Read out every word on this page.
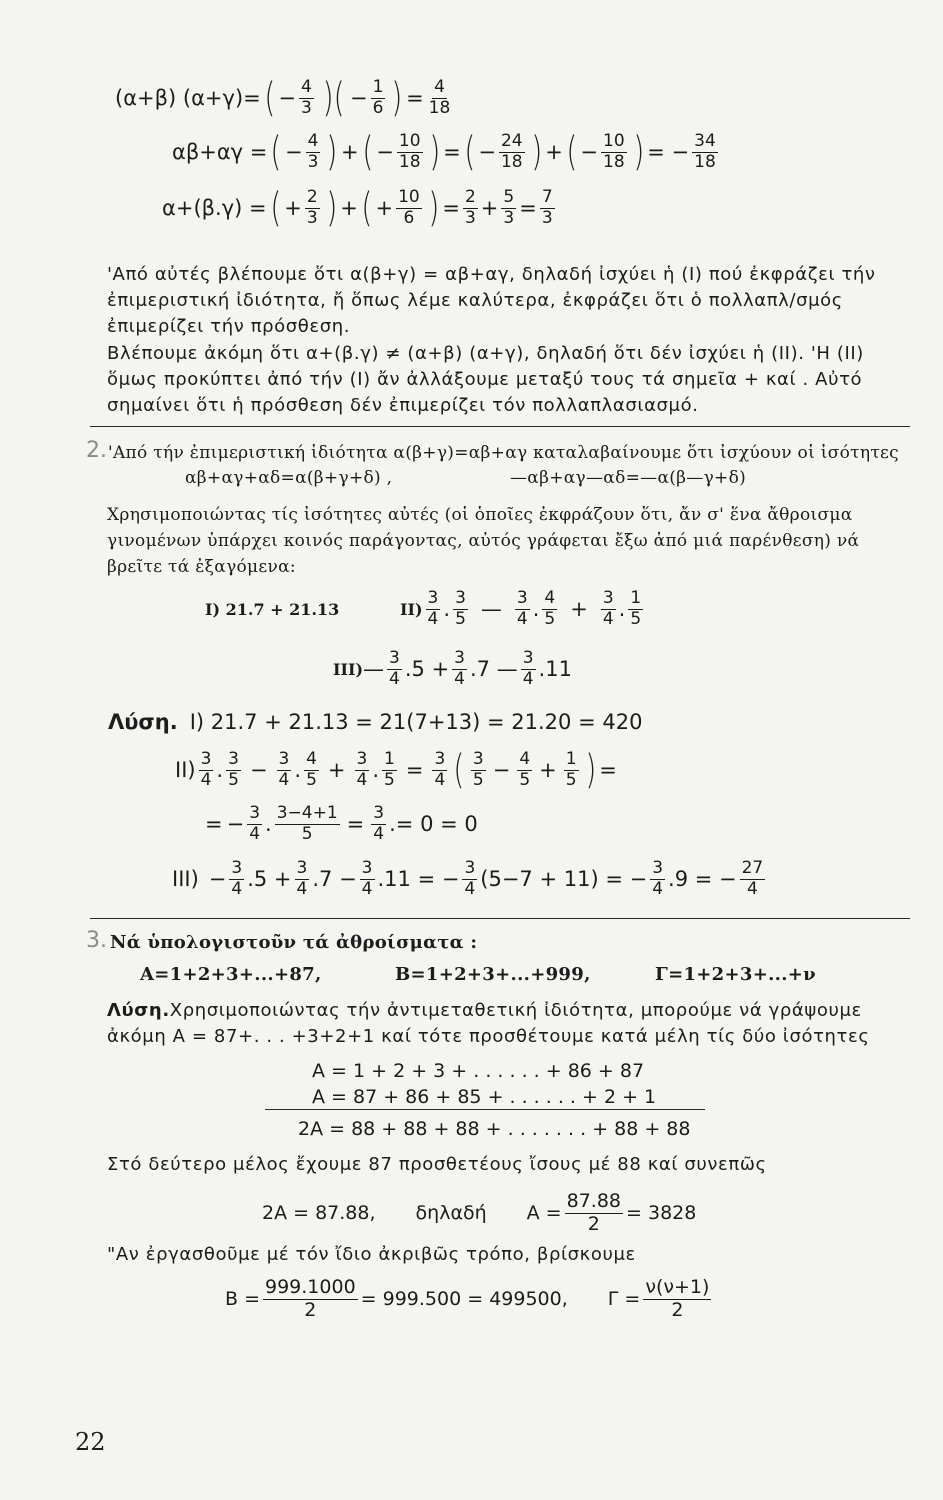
(α+β) (α+γ)= ( − $\frac{4}{3}$ )( − $\frac{1}{6}$ ) = $\frac{4}{18}$
αβ+αγ = ( − $\frac{4}{3}$ ) + ( − $\frac{10}{18}$ ) = ( − $\frac{24}{18}$ ) + ( − $\frac{10}{18}$ ) = − $\frac{34}{18}$
α+(β.γ) = ( + $\frac{2}{3}$ ) + ( + $\frac{10}{6}$ ) = $\frac{2}{3} + \frac{5}{3} = \frac{7}{3}$
'Από αὐτές βλέπουμε ὅτι α(β+γ) = αβ+αγ, δηλαδή ἰσχύει ἡ (Ι) πού ἐκφράζει τήν ἐπιμεριστική ἰδιότητα, ἤ ὅπως λέμε καλύτερα, ἐκφράζει ὅτι ὁ πολλαπλ/σμός ἐπιμερίζει τήν πρόσθεση.
Βλέπουμε ἀκόμη ὅτι α+(β.γ) ≠ (α+β) (α+γ), δηλαδή ὅτι δέν ἰσχύει ἡ (ΙΙ). 'Η (ΙΙ) ὅμως προκύπτει ἀπό τήν (Ι) ἄν ἀλλάξουμε μεταξύ τους τά σημεῖα + καί . Αὐτό σημαίνει ὅτι ἡ πρόσθεση δέν ἐπιμερίζει τόν πολλαπλασιασμό.
2. 'Από τήν ἐπιμεριστική ἰδιότητα α(β+γ)=αβ+αγ καταλαβαίνουμε ὅτι ἰσχύουν οἱ ἰσότητες
αβ+αγ+αδ=α(β+γ+δ) ,	—αβ+αγ—αδ=—α(β—γ+δ)
Χρησιμοποιώντας τίς ἰσότητες αὐτές (οἱ ὁποῖες ἐκφράζουν ὅτι, ἄν σ' ἕνα ἄθροισμα γινομένων ὑπάρχει κοινός παράγοντας, αὐτός γράφεται ἔξω ἀπό μιά παρένθεση) νά βρεῖτε τά ἐξαγόμενα:
Ι) 21.7 + 21.13	$II) \frac{3}{4}$ . $\frac{3}{5}$ — $\frac{3}{4}$ . $\frac{4}{5} + \frac{3}{4}$ . $\frac{1}{5}$
ΙΙΙ) — $\frac{3}{4} .5 + \frac{3}{4} .7$ — $\frac{3}{4} .11$
Λύση. Ι) 21.7 + 21.13 = 21(7+13) = 21.20 = 420
$II) \frac{3}{4}$ . $\frac{3}{5} - \frac{3}{4}$ . $\frac{4}{5} + \frac{3}{4}$ . $\frac{1}{5} = \frac{3}{4}$ ( $\frac{3}{5} - \frac{4}{5} + \frac{1}{5}$ ) =
= − $\frac{3}{4}$ . $\frac{3-4+1}{5} = \frac{3}{4}$ . = 0 = 0
$III) - \frac{3}{4} .5 + \frac{3}{4} .7 - \frac{3}{4} .11$ = − $\frac{3}{4} (5-7 + 11)$ = − $\frac{3}{4} .9$ = − $\frac{27}{4}$
3. Νά ὑπολογιστοῦν τά ἀθροίσματα :
Α=1+2+3+...+87,	Β=1+2+3+...+999,	Γ=1+2+3+...+ν
Λύση.Χρησιμοποιώντας τήν ἀντιμεταθετική ἰδιότητα, μπορούμε νά γράψουμε ἀκόμη Α = 87+. . . +3+2+1 καί τότε προσθέτουμε κατά μέλη τίς δύο ἰσότητες
Α = 1 + 2 + 3 + . . . . . . + 86 + 87
Α = 87 + 86 + 85 + . . . . . . + 2 + 1
2Α = 88 + 88 + 88 + . . . . . . . + 88 + 88
Στό δεύτερο μέλος ἔχουμε 87 προσθετέους ἴσους μέ 88 καί συνεπῶς
2Α = 87.88, δηλαδή $A = \frac{87.88}{2} = 3828$
"Αν ἐργασθοῦμε μέ τόν ἴδιο ἀκριβῶς τρόπο, βρίσκουμε
$B = \frac{999.1000}{2} = 999.500 = 499500$, $\Gamma = \frac{\nu(\nu+1)}{2}$
22
